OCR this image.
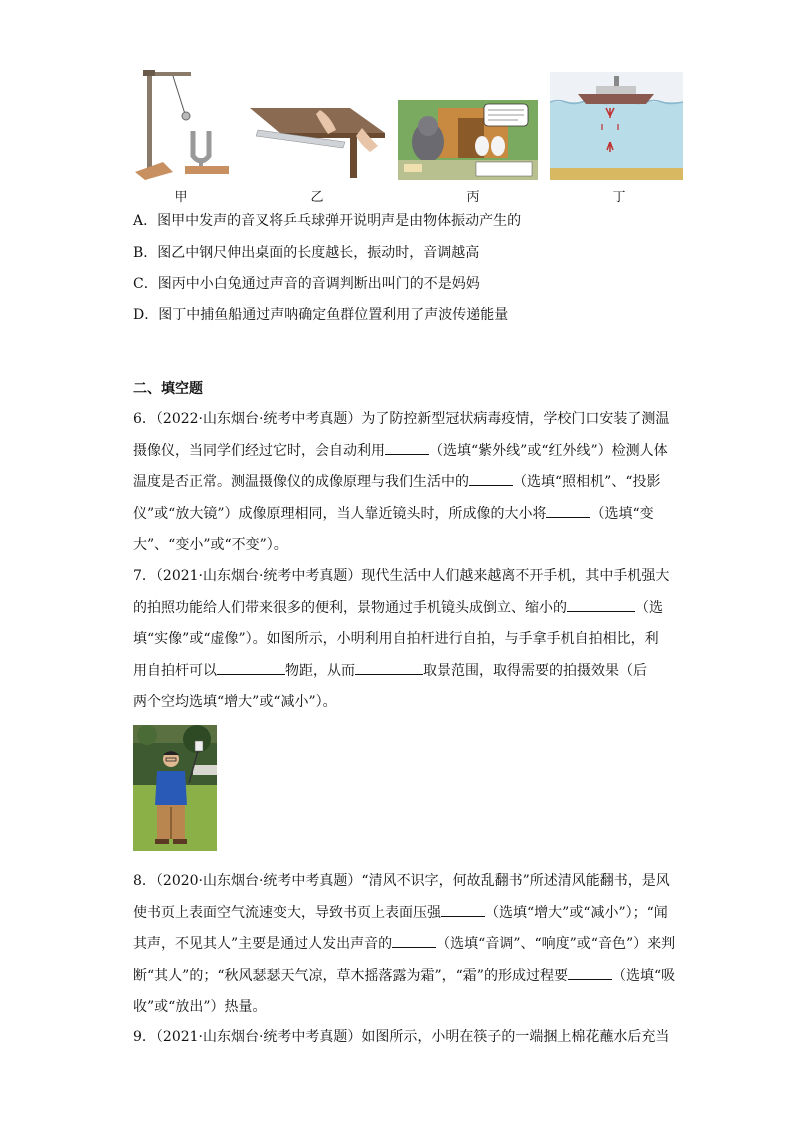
甲	乙	丙	丁
A．图甲中发声的音叉将乒乓球弹开说明声是由物体振动产生的
B．图乙中钢尺伸出桌面的长度越长，振动时，音调越高
C．图丙中小白兔通过声音的音调判断出叫门的不是妈妈
D．图丁中捕鱼船通过声呐确定鱼群位置利用了声波传递能量
二、填空题
6．（2022·山东烟台·统考中考真题）为了防控新型冠状病毒疫情，学校门口安装了测温
摄像仪，当同学们经过它时，会自动利用	（选填“紫外线”或“红外线”）检测人体
温度是否正常。测温摄像仪的成像原理与我们生活中的	（选填“照相机”、“投影
仪”或“放大镜”）成像原理相同，当人靠近镜头时，所成像的大小将	（选填“变
大”、“变小”或“不变”）。
7．（2021·山东烟台·统考中考真题）现代生活中人们越来越离不开手机，其中手机强大
的拍照功能给人们带来很多的便利，景物通过手机镜头成倒立、缩小的	（选
填“实像”或“虚像”）。如图所示，小明利用自拍杆进行自拍，与手拿手机自拍相比，利
用自拍杆可以	物距，从而	取景范围，取得需要的拍摄效果（后
两个空均选填“增大”或“减小”）。
8．（2020·山东烟台·统考中考真题）“清风不识字，何故乱翻书”所述清风能翻书，是风
使书页上表面空气流速变大，导致书页上表面压强	（选填“增大”或“减小”）；“闻
其声，不见其人”主要是通过人发出声音的	（选填“音调”、“响度”或“音色”）来判
断“其人”的；“秋风瑟瑟天气凉，草木摇落露为霜”，“霜”的形成过程要	（选填“吸
收”或“放出”）热量。
9．（2021·山东烟台·统考中考真题）如图所示，小明在筷子的一端捆上棉花蘸水后充当
